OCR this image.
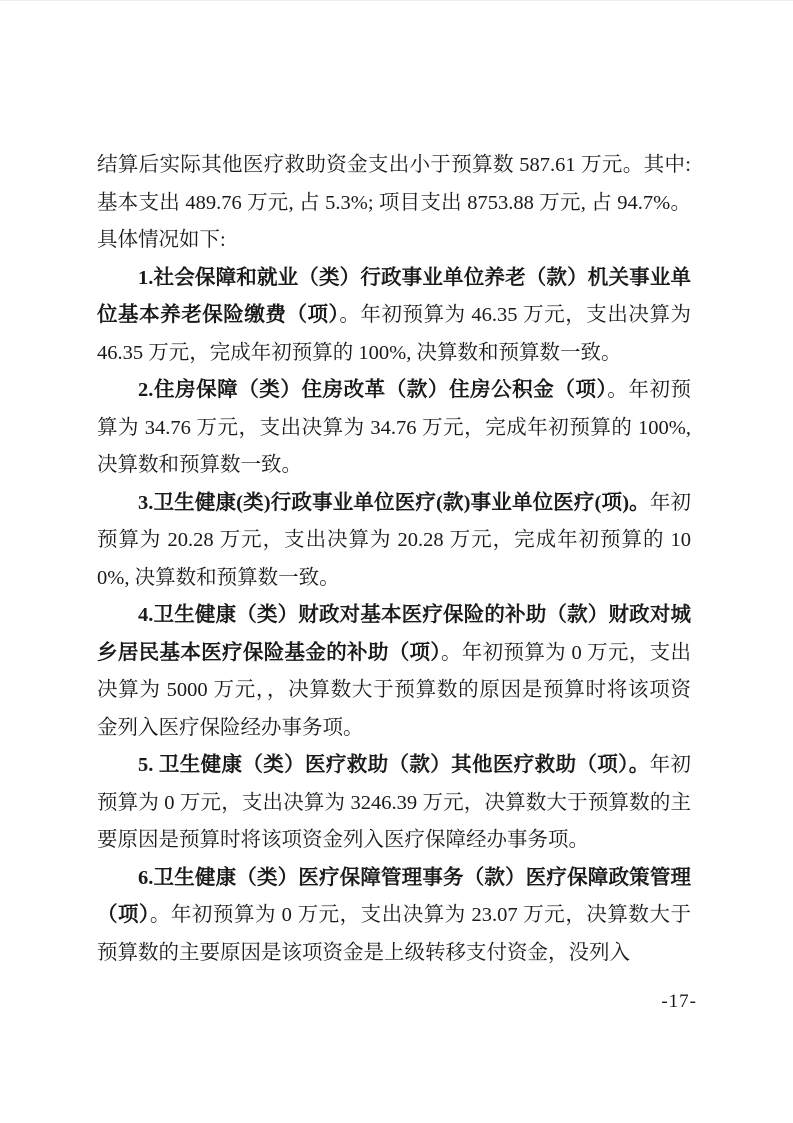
结算后实际其他医疗救助资金支出小于预算数 587.61 万元。其中: 基本支出 489.76 万元, 占 5.3%; 项目支出 8753.88 万元, 占 94.7%。具体情况如下:

1.社会保障和就业（类）行政事业单位养老（款）机关事业单位基本养老保险缴费（项）。年初预算为 46.35 万元，支出决算为 46.35 万元，完成年初预算的 100%, 决算数和预算数一致。

2.住房保障（类）住房改革（款）住房公积金（项）。年初预算为 34.76 万元，支出决算为 34.76 万元，完成年初预算的 100%, 决算数和预算数一致。

3.卫生健康(类)行政事业单位医疗(款)事业单位医疗(项)。年初预算为 20.28 万元，支出决算为 20.28 万元，完成年初预算的 100%, 决算数和预算数一致。

4.卫生健康（类）财政对基本医疗保险的补助（款）财政对城乡居民基本医疗保险基金的补助（项）。年初预算为 0 万元，支出决算为 5000 万元，，决算数大于预算数的原因是预算时将该项资金列入医疗保险经办事务项。

5. 卫生健康（类）医疗救助（款）其他医疗救助（项）。年初预算为 0 万元，支出决算为 3246.39 万元，决算数大于预算数的主要原因是预算时将该项资金列入医疗保障经办事务项。

6.卫生健康（类）医疗保障管理事务（款）医疗保障政策管理（项）。年初预算为 0 万元，支出决算为 23.07 万元，决算数大于预算数的主要原因是该项资金是上级转移支付资金，没列入

-17-
